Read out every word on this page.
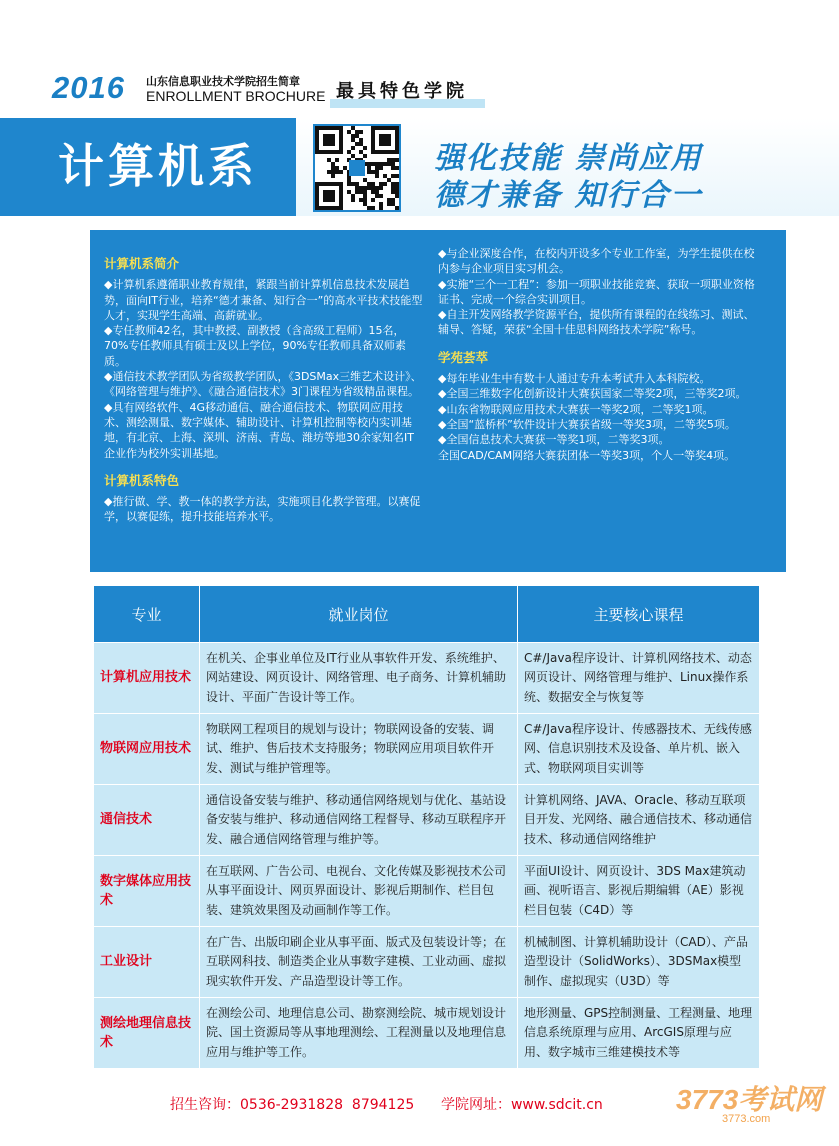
2016 山东信息职业技术学院招生简章
ENROLLMENT BROCHURE 最具特色学院
计算机系	强化技能 崇尚应用
德才兼备 知行合一
计算机系简介

◆计算机系遵循职业教育规律，紧跟当前计算机信息技术发展趋势，面向IT行业，培养“德才兼备、知行合一”的高水平技术技能型人才，实现学生高端、高薪就业。

◆专任教师42名，其中教授、副教授（含高级工程师）15名，70%专任教师具有硕士及以上学位，90%专任教师具备双师素质。

◆通信技术教学团队为省级教学团队，《3DSMax三维艺术设计》、《网络管理与维护》、《融合通信技术》3门课程为省级精品课程。

◆具有网络软件、4G移动通信、融合通信技术、物联网应用技术、测绘测量、数字媒体、辅助设计、计算机控制等校内实训基地，有北京、上海、深圳、济南、青岛、潍坊等地30余家知名IT企业作为校外实训基地。

计算机系特色

◆推行做、学、教一体的教学方法，实施项目化教学管理。以赛促学，以赛促练，提升技能培养水平。

◆与企业深度合作，在校内开设多个专业工作室，为学生提供在校内参与企业项目实习机会。

◆实施“三个一工程”：参加一项职业技能竞赛、获取一项职业资格证书、完成一个综合实训项目。

◆自主开发网络教学资源平台，提供所有课程的在线练习、测试、辅导、答疑，荣获“全国十佳思科网络技术学院”称号。

学苑荟萃

◆每年毕业生中有数十人通过专升本考试升入本科院校。

◆全国三维数字化创新设计大赛获国家二等奖2项，三等奖2项。

◆山东省物联网应用技术大赛获一等奖2项，二等奖1项。

◆全国“蓝桥杯”软件设计大赛获省级一等奖3项，二等奖5项。

◆全国信息技术大赛获一等奖1项，二等奖3项。

全国CAD/CAM网络大赛获团体一等奖3项，个人一等奖4项。

专业	就业岗位	主要核心课程
计算机应用技术	在机关、企事业单位及IT行业从事软件开发、系统维护、网站建设、网页设计、网络管理、电子商务、计算机辅助设计、平面广告设计等工作。	C#/Java程序设计、计算机网络技术、动态网页设计、网络管理与维护、Linux操作系统、数据安全与恢复等
物联网应用技术	物联网工程项目的规划与设计；物联网设备的安装、调试、维护、售后技术支持服务；物联网应用项目软件开发、测试与维护管理等。	C#/Java程序设计、传感器技术、无线传感网、信息识别技术及设备、单片机、嵌入式、物联网项目实训等
通信技术	通信设备安装与维护、移动通信网络规划与优化、基站设备安装与维护、移动通信网络工程督导、移动互联程序开发、融合通信网络管理与维护等。	计算机网络、JAVA、Oracle、移动互联项目开发、光网络、融合通信技术、移动通信技术、移动通信网络维护
数字媒体应用技术	在互联网、广告公司、电视台、文化传媒及影视技术公司从事平面设计、网页界面设计、影视后期制作、栏目包装、建筑效果图及动画制作等工作。	平面UI设计、网页设计、3DS Max建筑动画、视听语言、影视后期编辑（AE）影视栏目包装（C4D）等
工业设计	在广告、出版印刷企业从事平面、版式及包装设计等；在互联网科技、制造类企业从事数字建模、工业动画、虚拟现实软件开发、产品造型设计等工作。	机械制图、计算机辅助设计（CAD）、产品造型设计（SolidWorks）、3DSMax模型制作、虚拟现实（U3D）等
测绘地理信息技术	在测绘公司、地理信息公司、勘察测绘院、城市规划设计院、国土资源局等从事地理测绘、工程测量以及地理信息应用与维护等工作。	地形测量、GPS控制测量、工程测量、地理信息系统原理与应用、ArcGIS原理与应用、数字城市三维建模技术等
招生咨询：0536-2931828  8794125      学院网址：www.sdcit.cn	3773考试网
3773.com
